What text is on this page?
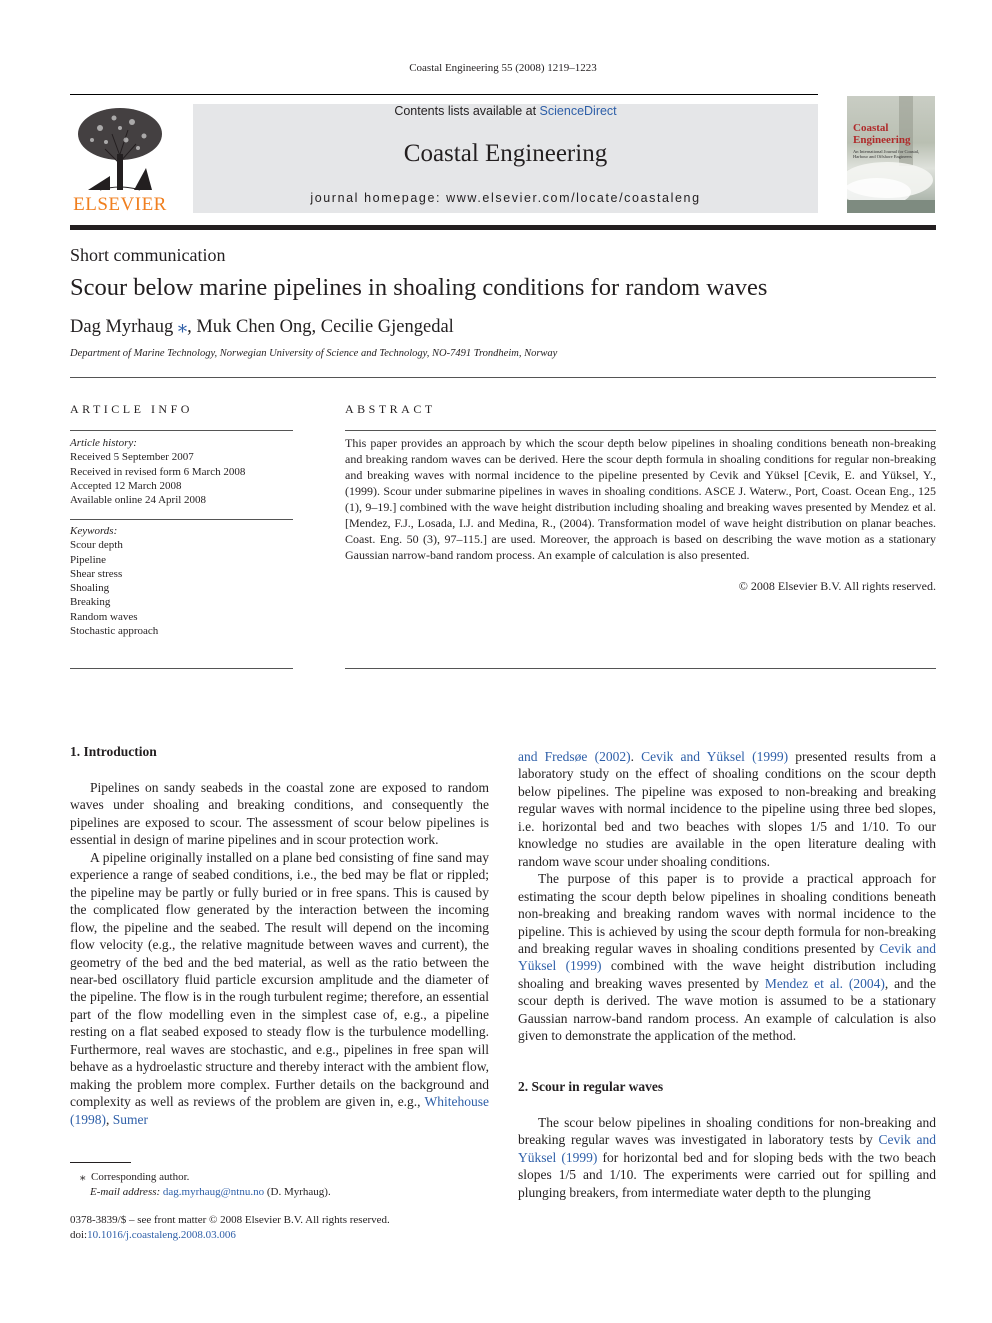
Coastal Engineering 55 (2008) 1219–1223
ELSEVIER
Contents lists available at ScienceDirect
Coastal Engineering
journal homepage: www.elsevier.com/locate/coastaleng
Coastal
Engineering
An International Journal for Coastal, Harbour and Offshore Engineers
Short communication
Scour below marine pipelines in shoaling conditions for random waves
Dag Myrhaug ⁎, Muk Chen Ong, Cecilie Gjengedal
Department of Marine Technology, Norwegian University of Science and Technology, NO-7491 Trondheim, Norway
ARTICLE INFO
Article history:
Received 5 September 2007
Received in revised form 6 March 2008
Accepted 12 March 2008
Available online 24 April 2008
Keywords:
Scour depth
Pipeline
Shear stress
Shoaling
Breaking
Random waves
Stochastic approach
ABSTRACT
This paper provides an approach by which the scour depth below pipelines in shoaling conditions beneath non-breaking and breaking random waves can be derived. Here the scour depth formula in shoaling conditions for regular non-breaking and breaking waves with normal incidence to the pipeline presented by Cevik and Yüksel [Cevik, E. and Yüksel, Y., (1999). Scour under submarine pipelines in waves in shoaling conditions. ASCE J. Waterw., Port, Coast. Ocean Eng., 125 (1), 9–19.] combined with the wave height distribution including shoaling and breaking waves presented by Mendez et al. [Mendez, F.J., Losada, I.J. and Medina, R., (2004). Transformation model of wave height distribution on planar beaches. Coast. Eng. 50 (3), 97–115.] are used. Moreover, the approach is based on describing the wave motion as a stationary Gaussian narrow-band random process. An example of calculation is also presented.
© 2008 Elsevier B.V. All rights reserved.
1. Introduction

Pipelines on sandy seabeds in the coastal zone are exposed to random waves under shoaling and breaking conditions, and consequently the pipelines are exposed to scour. The assessment of scour below pipelines is essential in design of marine pipelines and in scour protection work.

A pipeline originally installed on a plane bed consisting of fine sand may experience a range of seabed conditions, i.e., the bed may be flat or rippled; the pipeline may be partly or fully buried or in free spans. This is caused by the complicated flow generated by the interaction between the incoming flow, the pipeline and the seabed. The result will depend on the incoming flow velocity (e.g., the relative magnitude between waves and current), the geometry of the bed and the bed material, as well as the ratio between the near-bed oscillatory fluid particle excursion amplitude and the diameter of the pipeline. The flow is in the rough turbulent regime; therefore, an essential part of the flow modelling even in the simplest case of, e.g., a pipeline resting on a flat seabed exposed to steady flow is the turbulence modelling. Furthermore, real waves are stochastic, and e.g., pipelines in free span will behave as a hydroelastic structure and thereby interact with the ambient flow, making the problem more complex. Further details on the background and complexity as well as reviews of the problem are given in, e.g., Whitehouse (1998), Sumer

and Fredsøe (2002). Cevik and Yüksel (1999) presented results from a laboratory study on the effect of shoaling conditions on the scour depth below pipelines. The pipeline was exposed to non-breaking and breaking regular waves with normal incidence to the pipeline using three bed slopes, i.e. horizontal bed and two beaches with slopes 1/5 and 1/10. To our knowledge no studies are available in the open literature dealing with random wave scour under shoaling conditions.

The purpose of this paper is to provide a practical approach for estimating the scour depth below pipelines in shoaling conditions beneath non-breaking and breaking random waves with normal incidence to the pipeline. This is achieved by using the scour depth formula for non-breaking and breaking regular waves in shoaling conditions presented by Cevik and Yüksel (1999) combined with the wave height distribution including shoaling and breaking waves presented by Mendez et al. (2004), and the scour depth is derived. The wave motion is assumed to be a stationary Gaussian narrow-band random process. An example of calculation is also given to demonstrate the application of the method.

2. Scour in regular waves

The scour below pipelines in shoaling conditions for non-breaking and breaking regular waves was investigated in laboratory tests by Cevik and Yüksel (1999) for horizontal bed and for sloping beds with the two beach slopes 1/5 and 1/10. The experiments were carried out for spilling and plunging breakers, from intermediate water depth to the plunging

⁎ Corresponding author.
E-mail address: dag.myrhaug@ntnu.no (D. Myrhaug).
0378-3839/$ – see front matter © 2008 Elsevier B.V. All rights reserved.
doi:10.1016/j.coastaleng.2008.03.006
